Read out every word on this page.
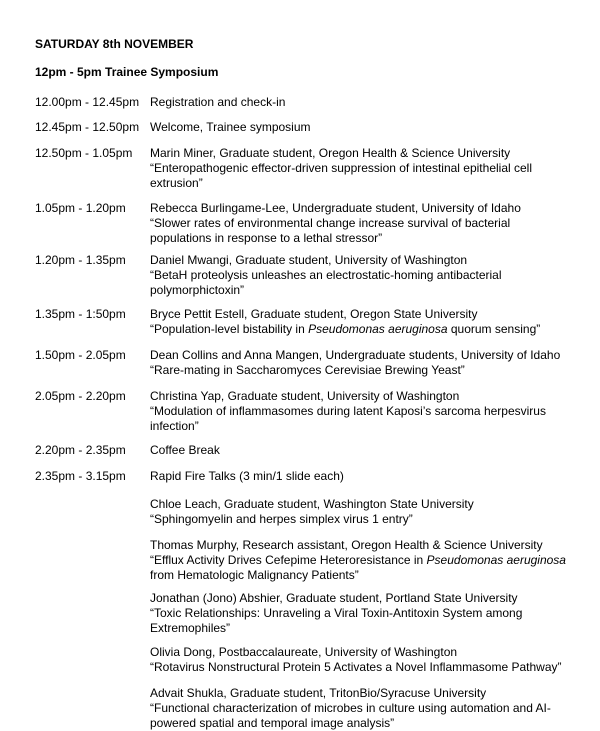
SATURDAY 8th NOVEMBER
12pm - 5pm Trainee Symposium
12.00pm - 12.45pm Registration and check-in
12.45pm - 12.50pm Welcome, Trainee symposium
12.50pm - 1.05pm Marin Miner, Graduate student, Oregon Health & Science University
“Enteropathogenic effector-driven suppression of intestinal epithelial cell
extrusion”
1.05pm - 1.20pm Rebecca Burlingame-Lee, Undergraduate student, University of Idaho
“Slower rates of environmental change increase survival of bacterial
populations in response to a lethal stressor”
1.20pm - 1.35pm Daniel Mwangi, Graduate student, University of Washington
“BetaH proteolysis unleashes an electrostatic-homing antibacterial
polymorphictoxin”
1.35pm - 1:50pm Bryce Pettit Estell, Graduate student, Oregon State University
“Population-level bistability in Pseudomonas aeruginosa quorum sensing”
1.50pm - 2.05pm Dean Collins and Anna Mangen, Undergraduate students, University of Idaho
“Rare-mating in Saccharomyces Cerevisiae Brewing Yeast”
2.05pm - 2.20pm Christina Yap, Graduate student, University of Washington
“Modulation of inflammasomes during latent Kaposi’s sarcoma herpesvirus
infection”
2.20pm - 2.35pm Coffee Break
2.35pm - 3.15pm Rapid Fire Talks (3 min/1 slide each)
Chloe Leach, Graduate student, Washington State University
“Sphingomyelin and herpes simplex virus 1 entry”
Thomas Murphy, Research assistant, Oregon Health & Science University
“Efflux Activity Drives Cefepime Heteroresistance in Pseudomonas aeruginosa
from Hematologic Malignancy Patients”
Jonathan (Jono) Abshier, Graduate student, Portland State University
“Toxic Relationships: Unraveling a Viral Toxin-Antitoxin System among
Extremophiles”
Olivia Dong, Postbaccalaureate, University of Washington
“Rotavirus Nonstructural Protein 5 Activates a Novel Inflammasome Pathway”
Advait Shukla, Graduate student, TritonBio/Syracuse University
“Functional characterization of microbes in culture using automation and AI-
powered spatial and temporal image analysis”
